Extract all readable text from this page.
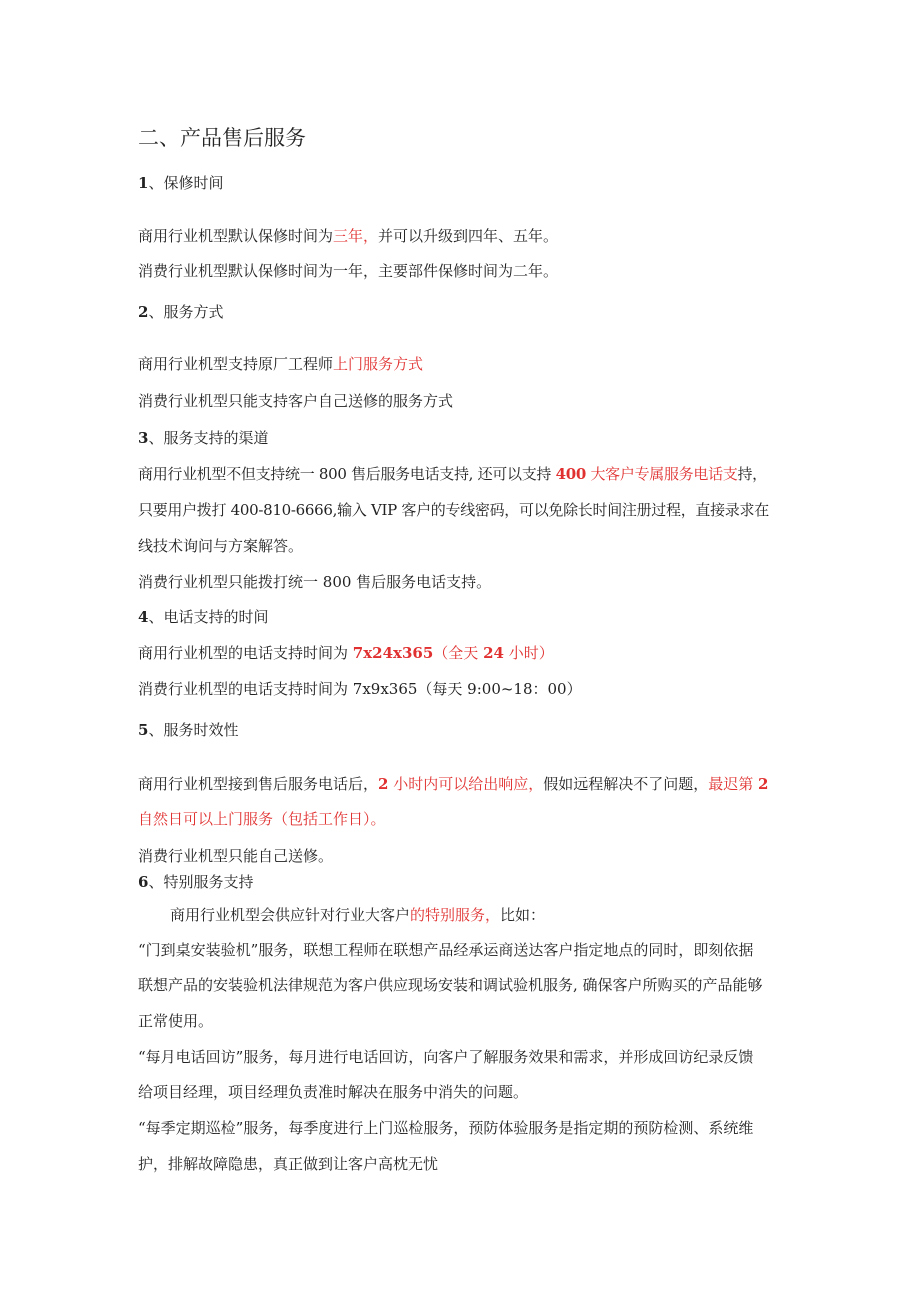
二、产品售后服务
1、保修时间
商用行业机型默认保修时间为三年，并可以升级到四年、五年。
消费行业机型默认保修时间为一年，主要部件保修时间为二年。
2、服务方式
商用行业机型支持原厂工程师上门服务方式
消费行业机型只能支持客户自己送修的服务方式
3、服务支持的渠道
商用行业机型不但支持统一 800 售后服务电话支持, 还可以支持 400 大客户专属服务电话支持，
只要用户拨打 400-810-6666,输入 VIP 客户的专线密码，可以免除长时间注册过程，直接录求在
线技术询问与方案解答。
消费行业机型只能拨打统一 800 售后服务电话支持。
4、电话支持的时间
商用行业机型的电话支持时间为 7x24x365（全天 24 小时）
消费行业机型的电话支持时间为 7x9x365（每天 9:00~18：00）
5、服务时效性
商用行业机型接到售后服务电话后，2 小时内可以给出响应，假如远程解决不了问题，最迟第 2
自然日可以上门服务（包括工作日）。
消费行业机型只能自己送修。
6、特别服务支持
商用行业机型会供应针对行业大客户的特别服务，比如：
“门到桌安装验机”服务，联想工程师在联想产品经承运商送达客户指定地点的同时，即刻依据
联想产品的安装验机法律规范为客户供应现场安装和调试验机服务, 确保客户所购买的产品能够
正常使用。
“每月电话回访”服务，每月进行电话回访，向客户了解服务效果和需求，并形成回访纪录反馈
给项目经理，项目经理负责准时解决在服务中消失的问题。
“每季定期巡检”服务，每季度进行上门巡检服务，预防体验服务是指定期的预防检测、系统维
护，排解故障隐患，真正做到让客户高枕无忧
